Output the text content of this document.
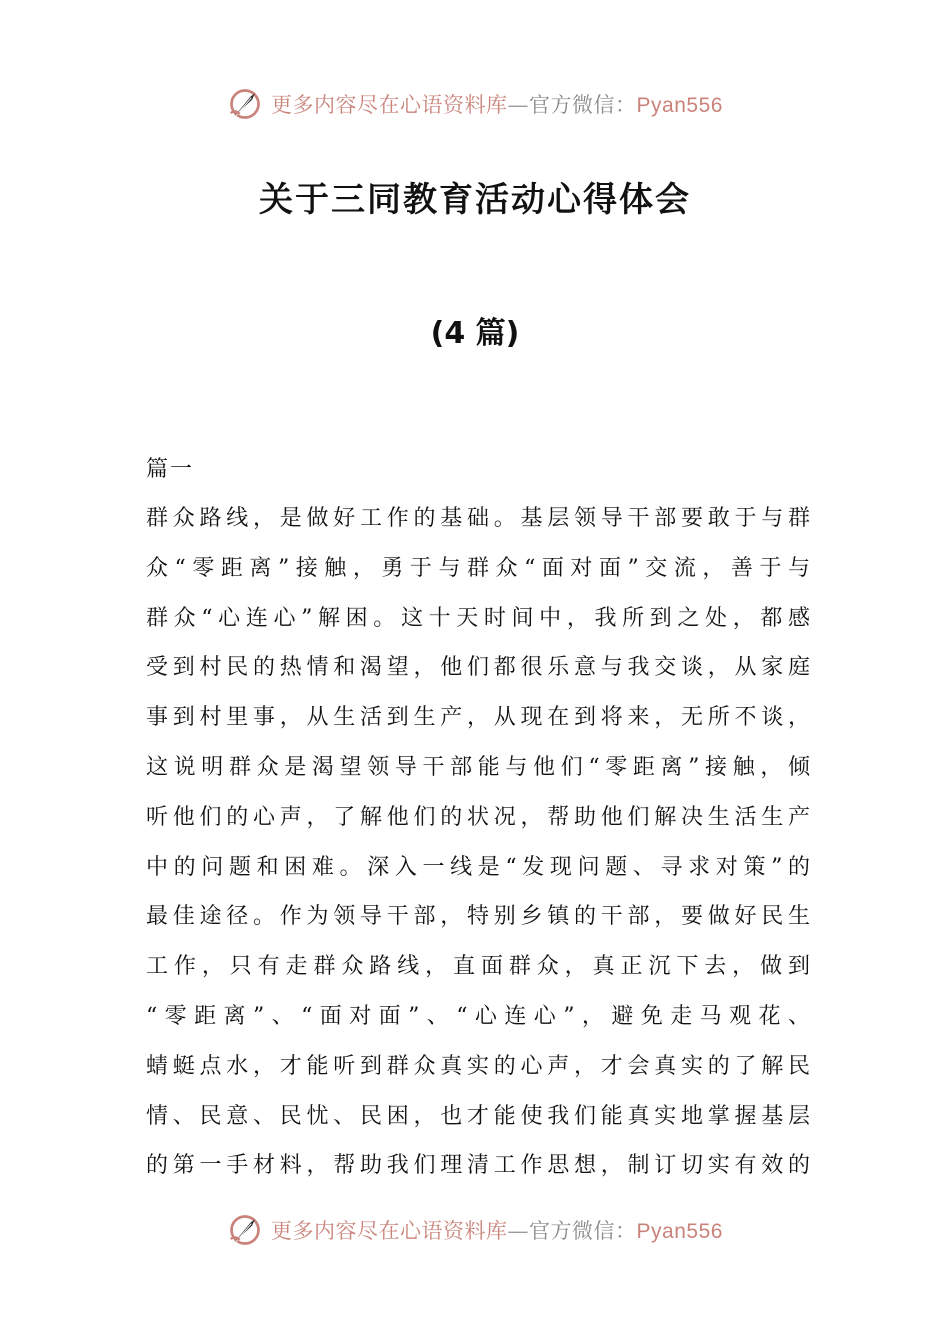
更多内容尽在心语资料库—官方微信：Pyan556
关于三同教育活动心得体会
(4 篇)
篇一
群众路线，是做好工作的基础。基层领导干部要敢于与群
众“零距离”接触，勇于与群众“面对面”交流，善于与
群众“心连心”解困。这十天时间中，我所到之处，都感
受到村民的热情和渴望，他们都很乐意与我交谈，从家庭
事到村里事，从生活到生产，从现在到将来，无所不谈，
这说明群众是渴望领导干部能与他们“零距离”接触，倾
听他们的心声，了解他们的状况，帮助他们解决生活生产
中的问题和困难。深入一线是“发现问题、寻求对策”的
最佳途径。作为领导干部，特别乡镇的干部，要做好民生
工作，只有走群众路线，直面群众，真正沉下去，做到
“零距离”、“面对面”、“心连心”，避免走马观花、
蜻蜓点水，才能听到群众真实的心声，才会真实的了解民
情、民意、民忧、民困，也才能使我们能真实地掌握基层
的第一手材料，帮助我们理清工作思想，制订切实有效的
更多内容尽在心语资料库—官方微信：Pyan556
